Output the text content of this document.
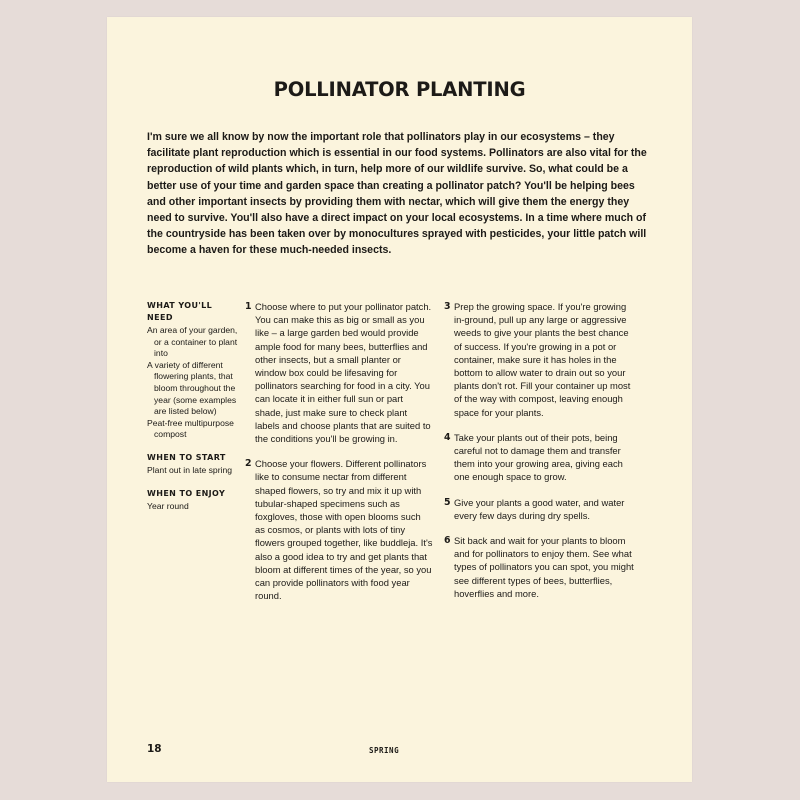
POLLINATOR PLANTING

I'm sure we all know by now the important role that pollinators play in our ecosystems – they facilitate plant reproduction which is essential in our food systems. Pollinators are also vital for the reproduction of wild plants which, in turn, help more of our wildlife survive. So, what could be a better use of your time and garden space than creating a pollinator patch? You'll be helping bees and other important insects by providing them with nectar, which will give them the energy they need to survive. You'll also have a direct impact on your local ecosystems. In a time where much of the countryside has been taken over by monocultures sprayed with pesticides, your little patch will become a haven for these much-needed insects.

WHAT YOU'LL NEED
An area of your garden, or a container to plant into
A variety of different flowering plants, that bloom throughout the year (some examples are listed below)
Peat-free multipurpose compost
WHEN TO START
Plant out in late spring
WHEN TO ENJOY
Year round
1 Choose where to put your pollinator patch. You can make this as big or small as you like – a large garden bed would provide ample food for many bees, butterflies and other insects, but a small planter or window box could be lifesaving for pollinators searching for food in a city. You can locate it in either full sun or part shade, just make sure to check plant labels and choose plants that are suited to the conditions you'll be growing in.

2 Choose your flowers. Different pollinators like to consume nectar from different shaped flowers, so try and mix it up with tubular-shaped specimens such as foxgloves, those with open blooms such as cosmos, or plants with lots of tiny flowers grouped together, like buddleja. It's also a good idea to try and get plants that bloom at different times of the year, so you can provide pollinators with food year round.

3 Prep the growing space. If you're growing in-ground, pull up any large or aggressive weeds to give your plants the best chance of success. If you're growing in a pot or container, make sure it has holes in the bottom to allow water to drain out so your plants don't rot. Fill your container up most of the way with compost, leaving enough space for your plants.

4 Take your plants out of their pots, being careful not to damage them and transfer them into your growing area, giving each one enough space to grow.

5 Give your plants a good water, and water every few days during dry spells.

6 Sit back and wait for your plants to bloom and for pollinators to enjoy them. See what types of pollinators you can spot, you might see different types of bees, butterflies, hoverflies and more.

18	SPRING
